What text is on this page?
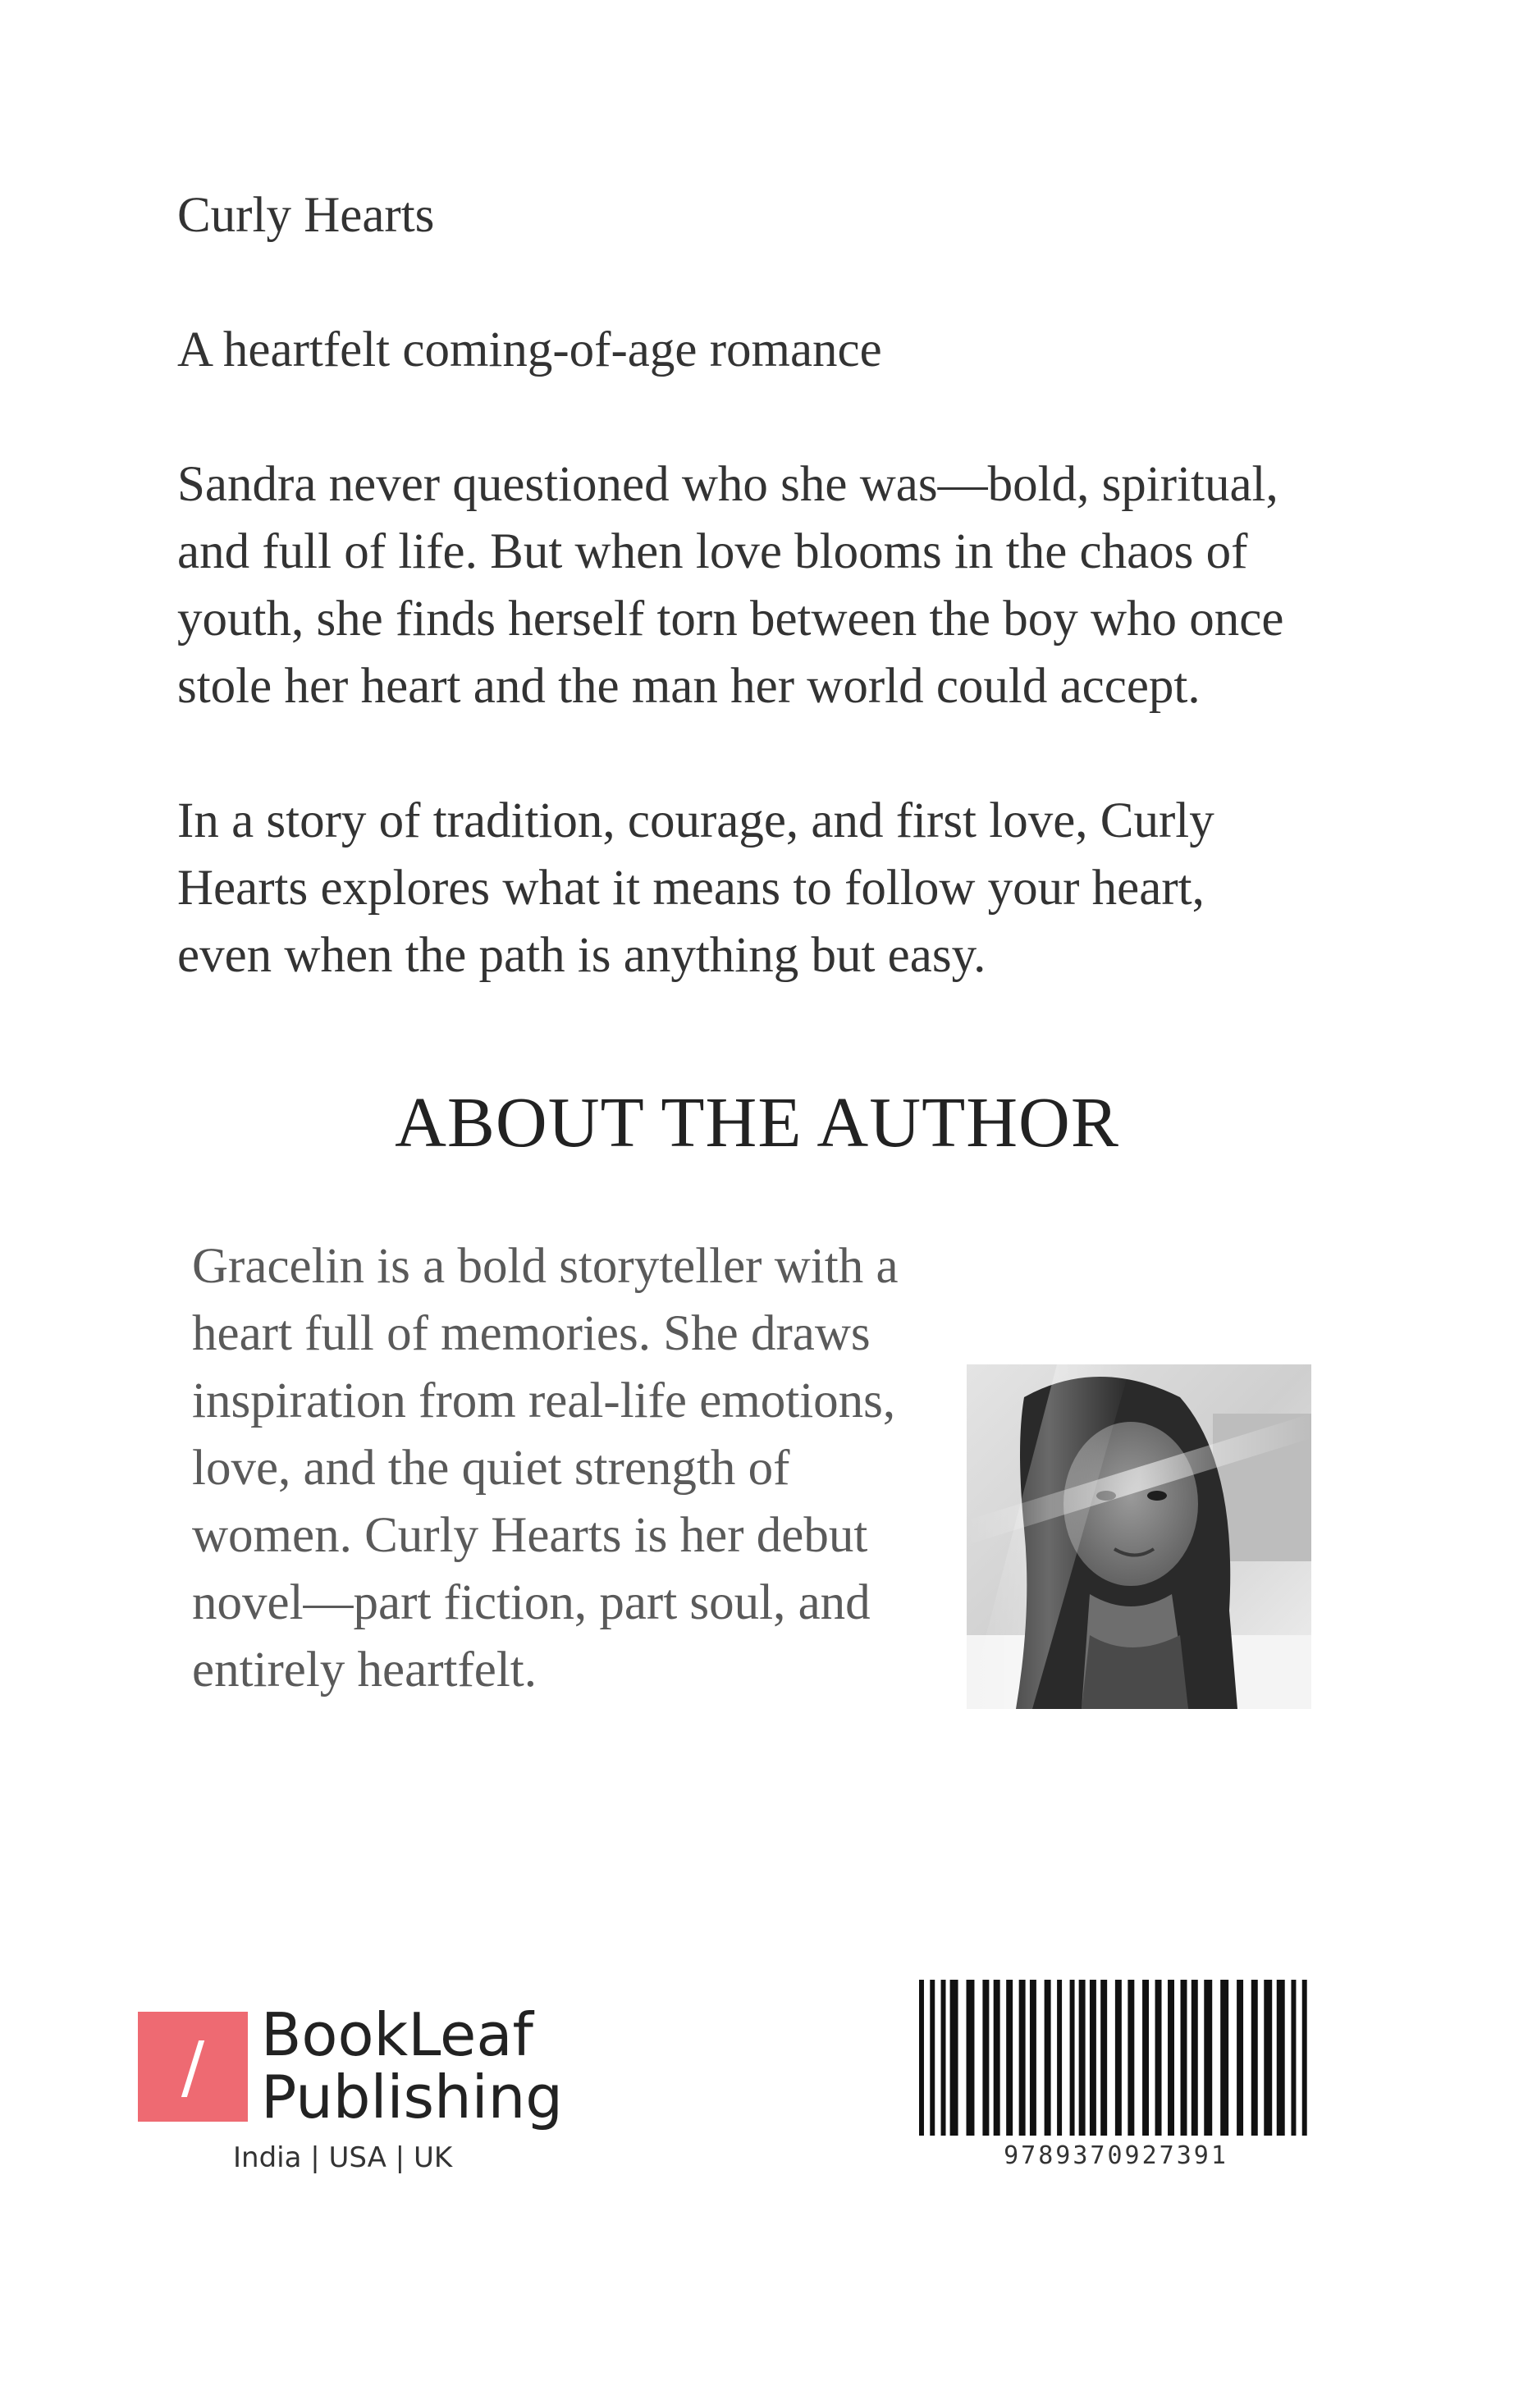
Curly Hearts

A heartfelt coming-of-age romance

Sandra never questioned who she was—bold, spiritual,
and full of life. But when love blooms in the chaos of
youth, she finds herself torn between the boy who once
stole her heart and the man her world could accept.

In a story of tradition, courage, and first love, Curly
Hearts explores what it means to follow your heart,
even when the path is anything but easy.

ABOUT THE AUTHOR
Gracelin is a bold storyteller with a
heart full of memories. She draws
inspiration from real-life emotions,
love, and the quiet strength of
women. Curly Hearts is her debut
novel—part fiction, part soul, and
entirely heartfelt.
/ BookLeaf
Publishing
India | USA | UK	9789370927391
